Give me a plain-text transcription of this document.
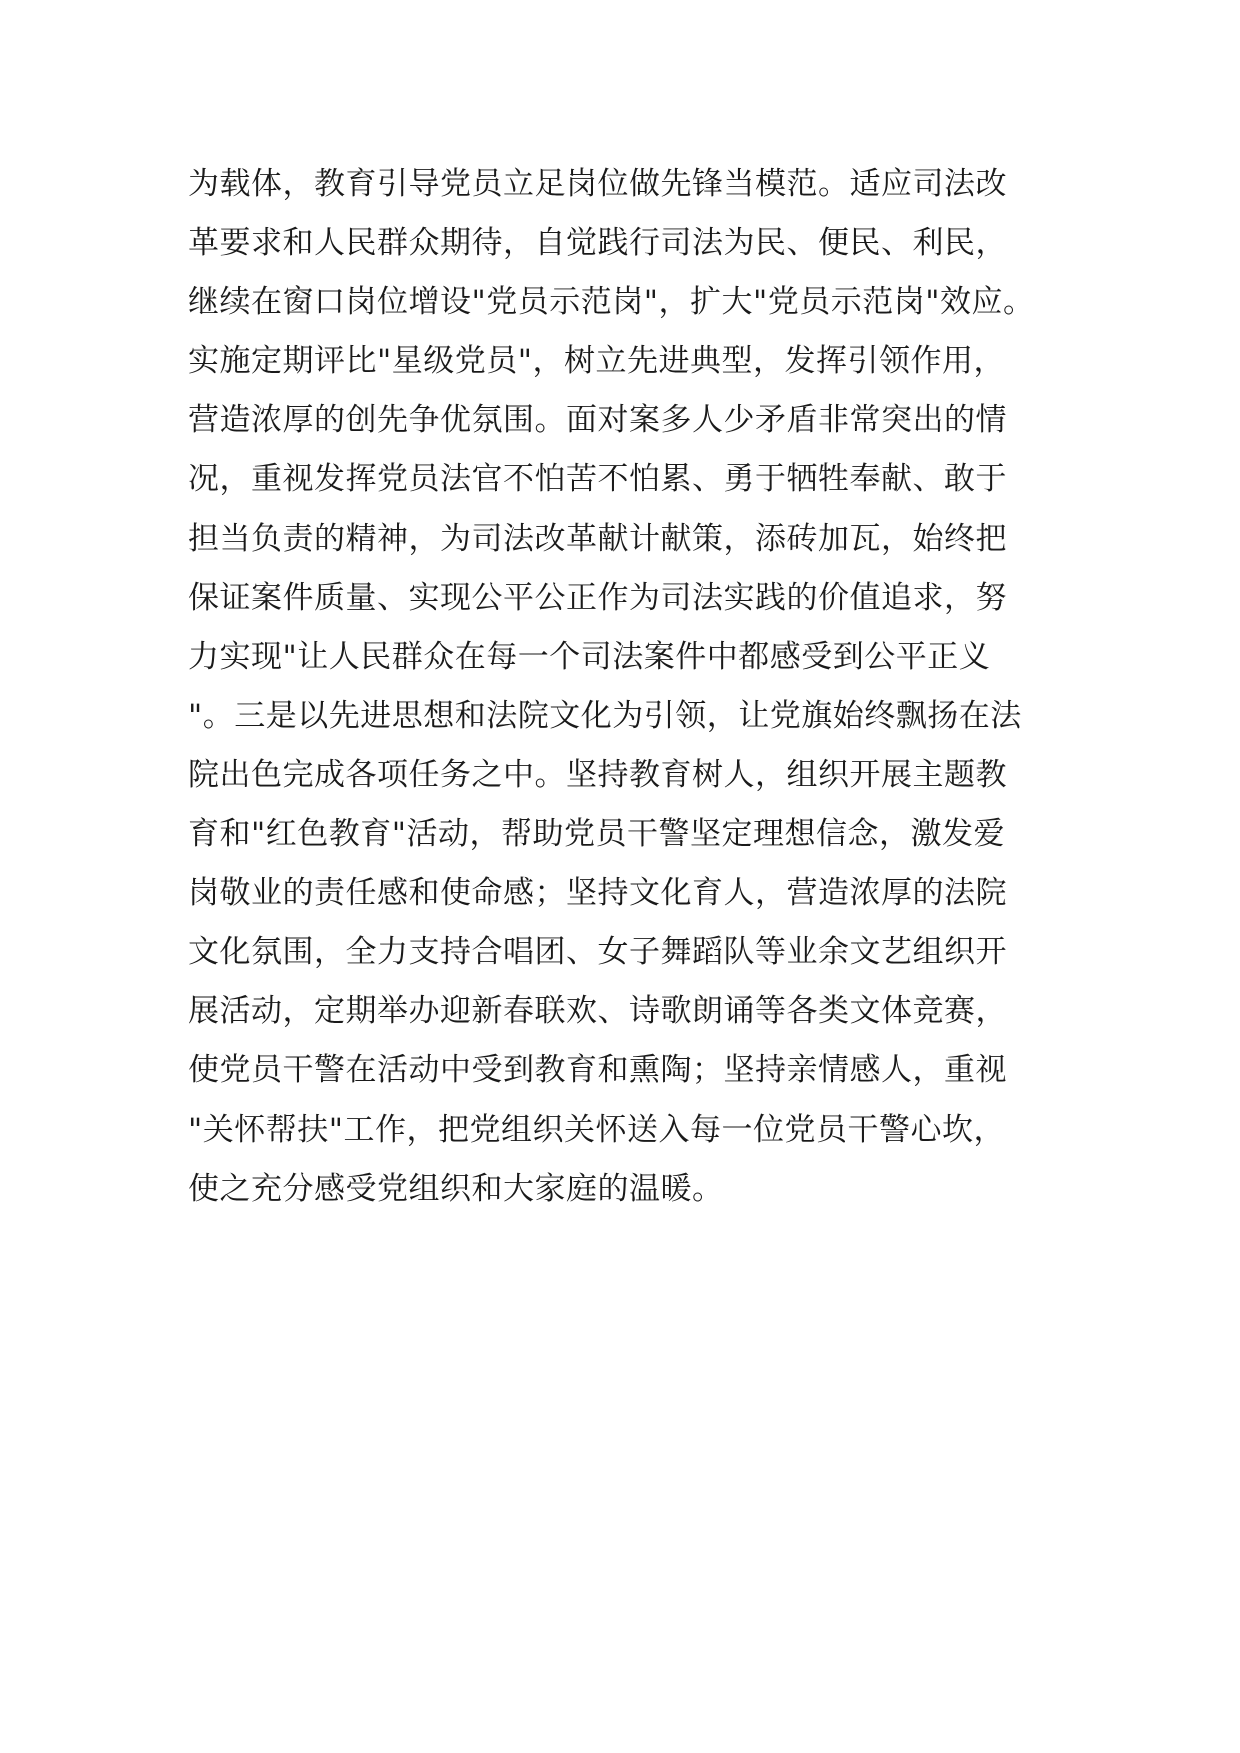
为载体，教育引导党员立足岗位做先锋当模范。适应司法改
革要求和人民群众期待，自觉践行司法为民、便民、利民，
继续在窗口岗位增设"党员示范岗"，扩大"党员示范岗"效应。
实施定期评比"星级党员"，树立先进典型，发挥引领作用，
营造浓厚的创先争优氛围。面对案多人少矛盾非常突出的情
况，重视发挥党员法官不怕苦不怕累、勇于牺牲奉献、敢于
担当负责的精神，为司法改革献计献策，添砖加瓦，始终把
保证案件质量、实现公平公正作为司法实践的价值追求，努
力实现"让人民群众在每一个司法案件中都感受到公平正义
"。三是以先进思想和法院文化为引领，让党旗始终飘扬在法
院出色完成各项任务之中。坚持教育树人，组织开展主题教
育和"红色教育"活动，帮助党员干警坚定理想信念，激发爱
岗敬业的责任感和使命感；坚持文化育人，营造浓厚的法院
文化氛围，全力支持合唱团、女子舞蹈队等业余文艺组织开
展活动，定期举办迎新春联欢、诗歌朗诵等各类文体竞赛，
使党员干警在活动中受到教育和熏陶；坚持亲情感人，重视
"关怀帮扶"工作，把党组织关怀送入每一位党员干警心坎，
使之充分感受党组织和大家庭的温暖。
